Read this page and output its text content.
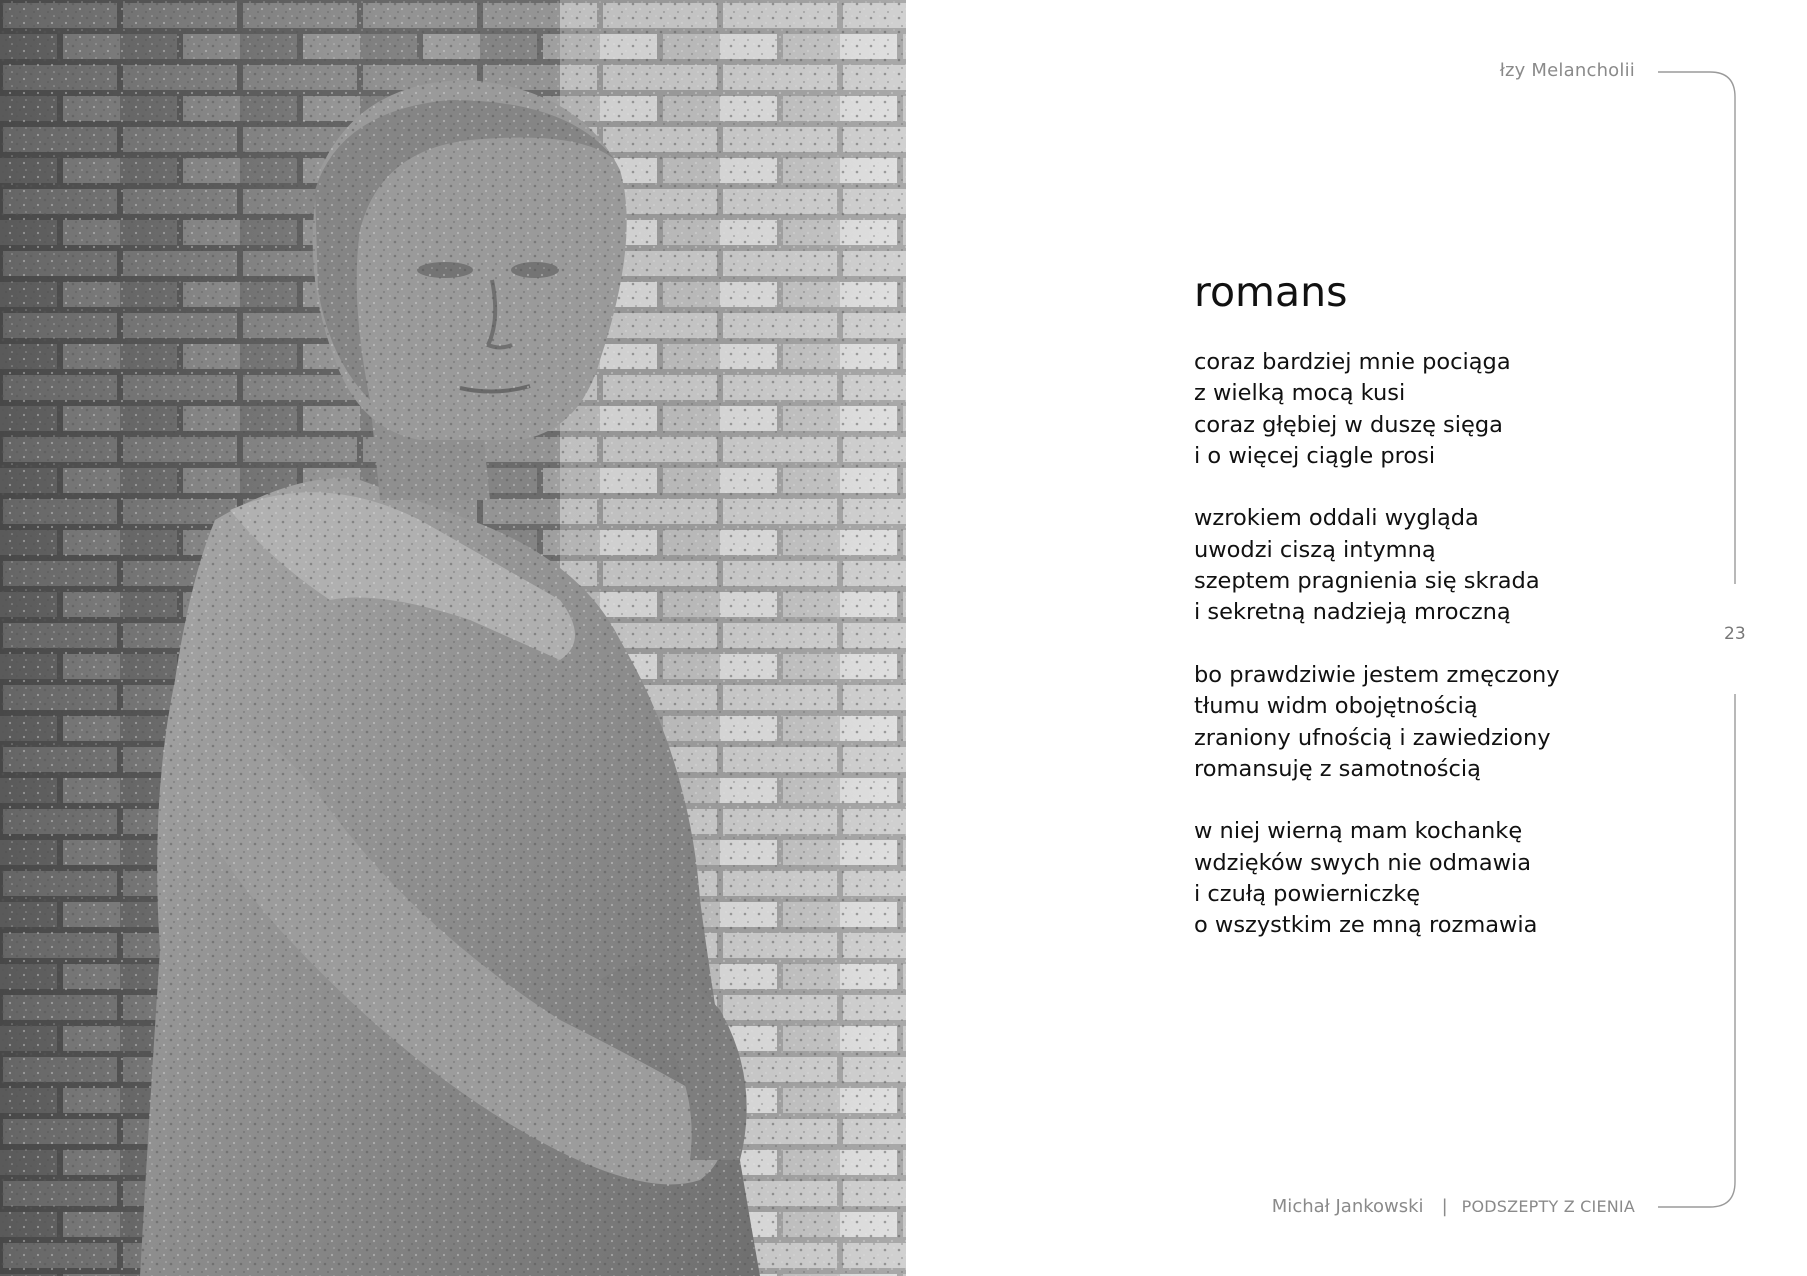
łzy Melancholii
23
romans
coraz bardziej mnie pociąga
z wielką mocą kusi
coraz głębiej w duszę sięga
i o więcej ciągle prosi
wzrokiem oddali wygląda
uwodzi ciszą intymną
szeptem pragnienia się skrada
i sekretną nadzieją mroczną
bo prawdziwie jestem zmęczony
tłumu widm obojętnością
zraniony ufnością i zawiedziony
romansuję z samotnością
w niej wierną mam kochankę
wdzięków swych nie odmawia
i czułą powierniczkę
o wszystkim ze mną rozmawia
Michał Jankowski | PODSZEPTY Z CIENIA
